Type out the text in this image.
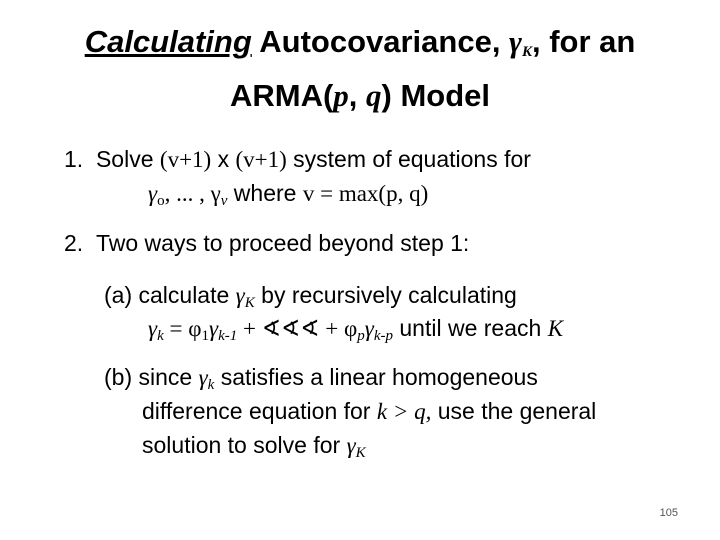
Calculating Autocovariance, $\gamma_K$, for an
ARMA(p, q) Model
1. Solve (v+1) x (v+1) system of equations for
$\gamma_o$, ... , $\gamma_v$ where v = max(p, q)
2. Two ways to proceed beyond step 1:
(a) calculate $\gamma_K$ by recursively calculating
$\gamma_k = \varphi_1\gamma_{k-1}$ + ∢∢∢ + $\varphi_p\gamma_{k-p}$ until we reach K
(b) since $\gamma_k$ satisfies a linear homogeneous
difference equation for k > q, use the general
solution to solve for $\gamma_K$
105
